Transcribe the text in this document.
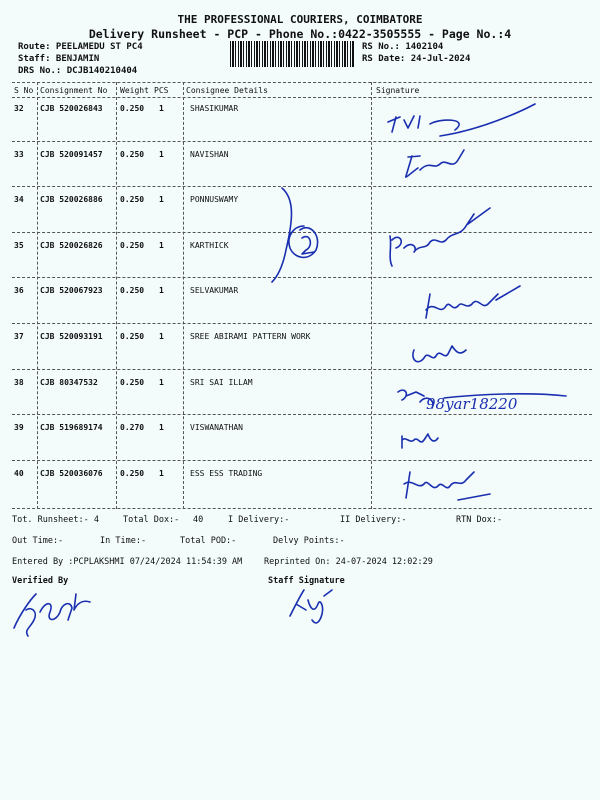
THE PROFESSIONAL COURIERS, COIMBATORE
Delivery Runsheet - PCP - Phone No.:0422-3505555 - Page No.:4
Route: PEELAMEDU ST PC4
Staff: BENJAMIN
DRS No.: DCJB140210404
RS No.: 1402104
RS Date: 24-Jul-2024
S No Consignment No Weight PCS Consignee Details	Signature
32 CJB 520026843 0.250 1	SHASIKUMAR
33 CJB 520091457 0.250 1	NAVISHAN
34 CJB 520026886 0.250 1	PONNUSWAMY
35 CJB 520026826 0.250 1	KARTHICK
36 CJB 520067923 0.250 1	SELVAKUMAR
37 CJB 520093191 0.250 1	SREE ABIRAMI PATTERN WORK
38 CJB 80347532	0.250 1	SRI SAI ILLAM
39 CJB 519689174 0.270 1	VISWANATHAN
40 CJB 520036076 0.250 1	ESS ESS TRADING
98yar18220
Tot. Runsheet:- 4	Total Dox:- 40	I Delivery:-	II Delivery:-	RTN Dox:-
Out Time:-	In Time:-	Total POD:-	Delvy Points:-
Entered By :PCPLAKSHMI 07/24/2024 11:54:39 AM	Reprinted On: 24-07-2024 12:02:29
Verified By	Staff Signature
